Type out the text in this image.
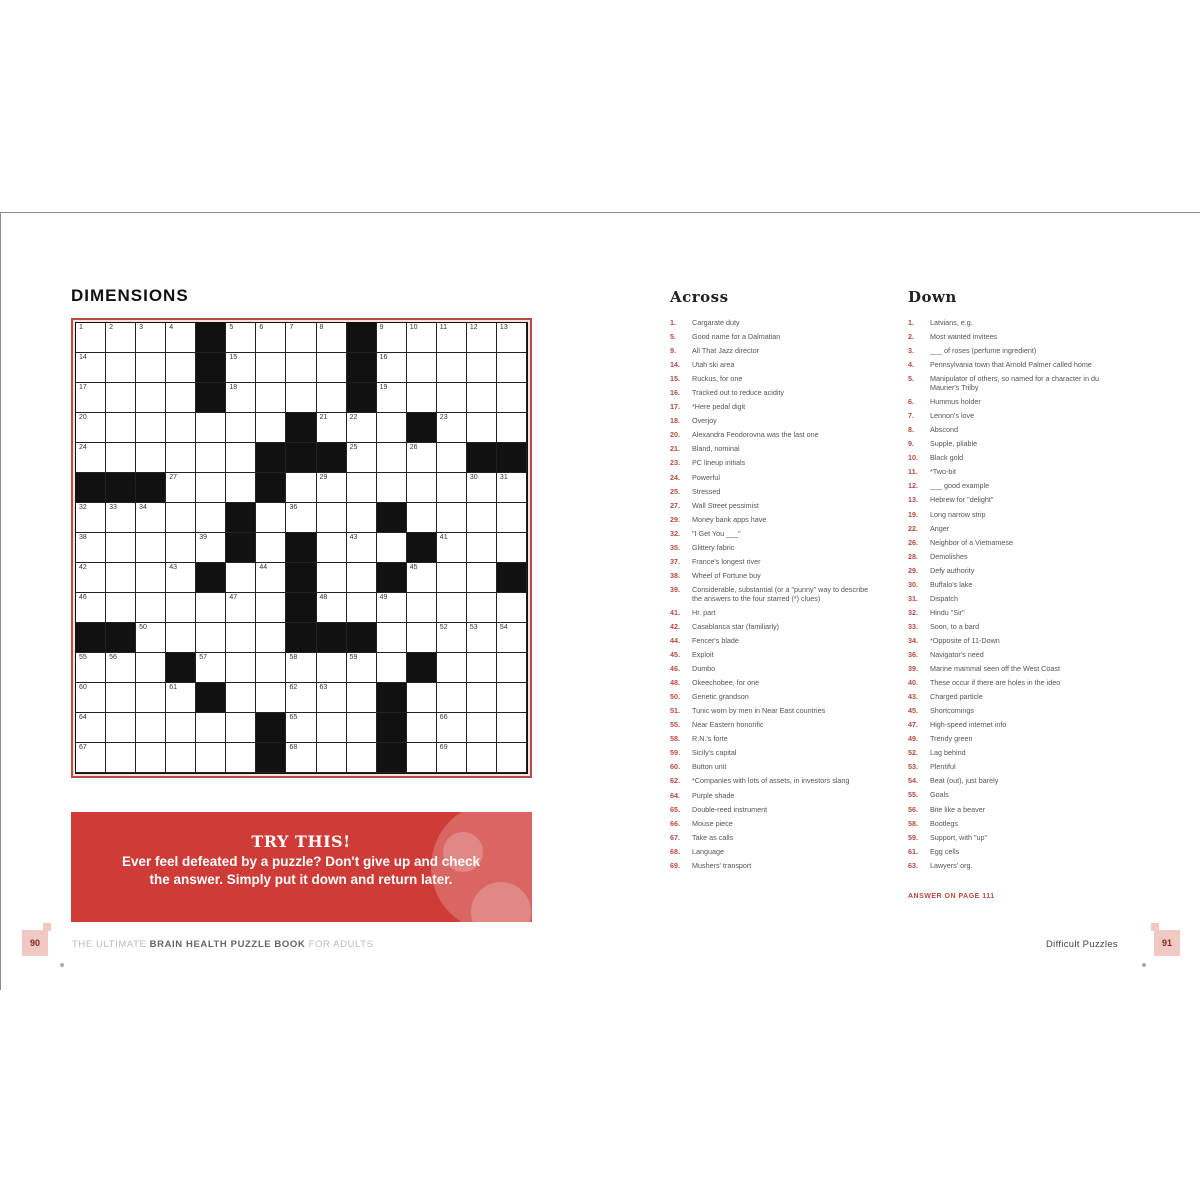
DIMENSIONS
1	2	3	4	5	6	7	8	9	10	11	12	13
14	15	16
17	18	19
20	21	22	23
24	25	26
27	29	30	31
32	33	34	36
38	39	43	41
42	43	44	45
46	47	48	49
50	52	53	54
55	56	57	58	59
60	61	62	63
64	65	66
67	68	69
TRY THIS!
Ever feel defeated by a puzzle? Don't give up and check the answer. Simply put it down and return later.
Across
1.	Cargarate duty
5.	Good name for a Dalmatian
9.	All That Jazz director
14.	Utah ski area
15.	Ruckus, for one
16.	Tracked out to reduce acidity
17.	*Here pedal digit
18.	Overjoy
20.	Alexandra Feodorovna was the last one
21.	Bland, nominal
23.	PC lineup initials
24.	Powerful
25.	Stressed
27.	Wall Street pessimist
29.	Money bank apps have
32.	"I Get You ___"
35.	Glittery fabric
37.	France's longest river
38.	Wheel of Fortune buy
39.	Considerable, substantial (or a "punny" way to describe the answers to the four starred (*) clues)
41.	Hr. part
42.	Casablanca star (familiarly)
44.	Fencer's blade
45.	Exploit
46.	Dumbo
48.	Okeechobee, for one
50.	Genetic grandson
51.	Tunic worn by men in Near East countries
55.	Near Eastern honorific
58.	R.N.'s forte
59.	Sicily's capital
60.	Button unit
62.	*Companies with lots of assets, in investors slang
64.	Purple shade
65.	Double-reed instrument
66.	Mouse piece
67.	Take as calls
68.	Language
69.	Mushers' transport
Down
1.	Latvians, e.g.
2.	Most wanted invitees
3.	___ of roses (perfume ingredient)
4.	Pennsylvania town that Arnold Palmer called home
5.	Manipulator of others, so named for a character in du Maurier's Trilby
6.	Hummus holder
7.	Lennon's love
8.	Abscond
9.	Supple, pliable
10.	Black gold
11.	*Two-bit
12.	___ good example
13.	Hebrew for "delight"
19.	Long narrow strip
22.	Anger
26.	Neighbor of a Vietnamese
28.	Demolishes
29.	Defy authority
30.	Buffalo's lake
31.	Dispatch
32.	Hindu "Sir"
33.	Soon, to a bard
34.	*Opposite of 11-Down
36.	Navigator's need
39.	Marine mammal seen off the West Coast
40.	These occur if there are holes in the ideo
43.	Charged particle
45.	Shortcomings
47.	High-speed internet info
49.	Trendy green
52.	Lag behind
53.	Plentiful
54.	Beat (out), just barely
55.	Goals
56.	Bite like a beaver
58.	Bootlegs
59.	Support, with "up"
61.	Egg cells
63.	Lawyers' org.
ANSWER ON PAGE 111
90	THE ULTIMATE BRAIN HEALTH PUZZLE BOOK FOR ADULTS	Difficult Puzzles	91
